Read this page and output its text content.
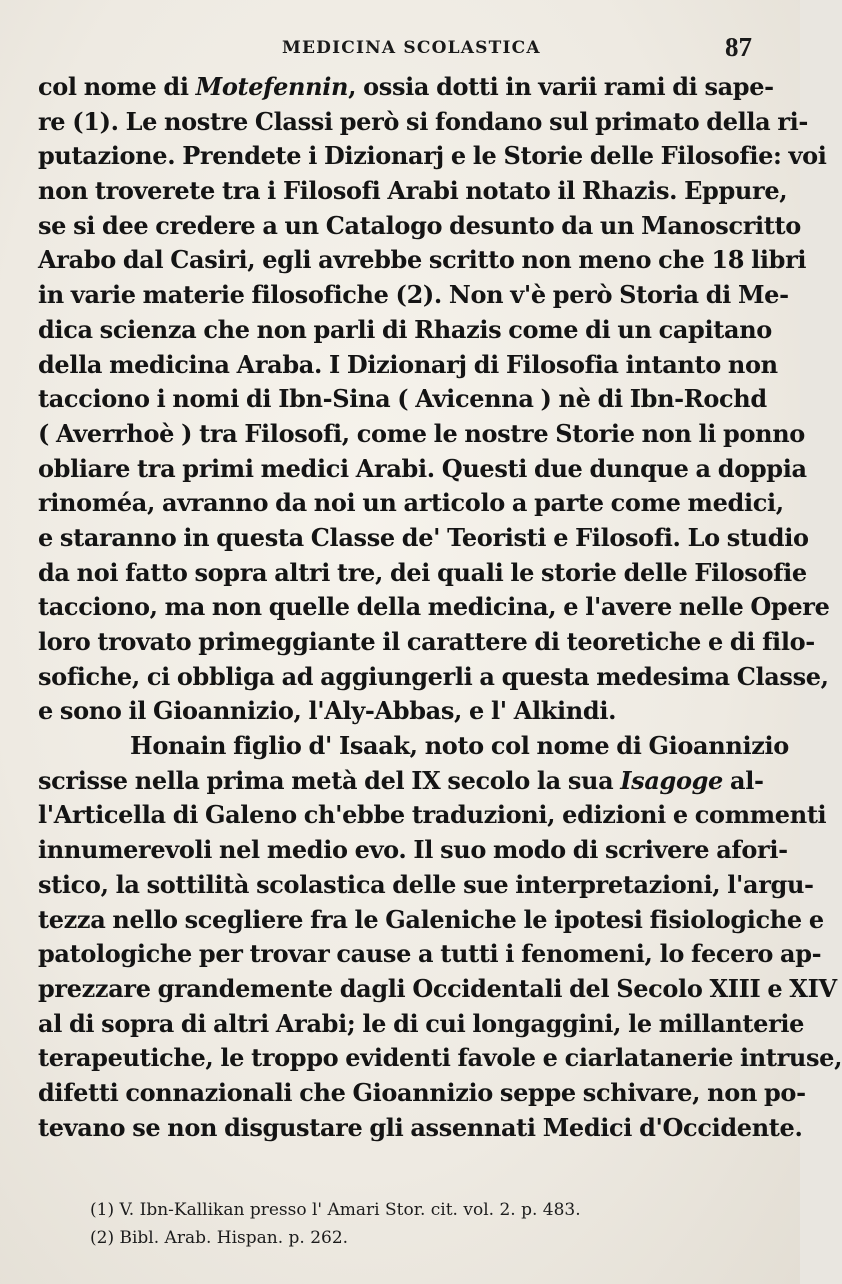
MEDICINA SCOLASTICA	87
col nome di Motefennin, ossia dotti in varii rami di sape-
re (1). Le nostre Classi però si fondano sul primato della ri-
putazione. Prendete i Dizionarj e le Storie delle Filosofie: voi
non troverete tra i Filosofi Arabi notato il Rhazis. Eppure,
se si dee credere a un Catalogo desunto da un Manoscritto
Arabo dal Casiri, egli avrebbe scritto non meno che 18 libri
in varie materie filosofiche (2). Non v'è però Storia di Me-
dica scienza che non parli di Rhazis come di un capitano
della medicina Araba. I Dizionarj di Filosofia intanto non
tacciono i nomi di Ibn-Sina ( Avicenna ) nè di Ibn-Rochd
( Averrhoè ) tra Filosofi, come le nostre Storie non li ponno
obliare tra primi medici Arabi. Questi due dunque a doppia
rinoméa, avranno da noi un articolo a parte come medici,
e staranno in questa Classe de' Teoristi e Filosofi. Lo studio
da noi fatto sopra altri tre, dei quali le storie delle Filosofie
tacciono, ma non quelle della medicina, e l'avere nelle Opere
loro trovato primeggiante il carattere di teoretiche e di filo-
sofiche, ci obbliga ad aggiungerli a questa medesima Classe,
e sono il Gioannizio, l'Aly-Abbas, e l' Alkindi.
Honain figlio d' Isaak, noto col nome di Gioannizio
scrisse nella prima metà del IX secolo la sua Isagoge al-
l'Articella di Galeno ch'ebbe traduzioni, edizioni e commenti
innumerevoli nel medio evo. Il suo modo di scrivere afori-
stico, la sottilità scolastica delle sue interpretazioni, l'argu-
tezza nello scegliere fra le Galeniche le ipotesi fisiologiche e
patologiche per trovar cause a tutti i fenomeni, lo fecero ap-
prezzare grandemente dagli Occidentali del Secolo XIII e XIV
al di sopra di altri Arabi; le di cui longaggini, le millanterie
terapeutiche, le troppo evidenti favole e ciarlatanerie intruse,
difetti connazionali che Gioannizio seppe schivare, non po-
tevano se non disgustare gli assennati Medici d'Occidente.
(1) V. Ibn-Kallikan presso l' Amari Stor. cit. vol. 2. p. 483.
(2) Bibl. Arab. Hispan. p. 262.
